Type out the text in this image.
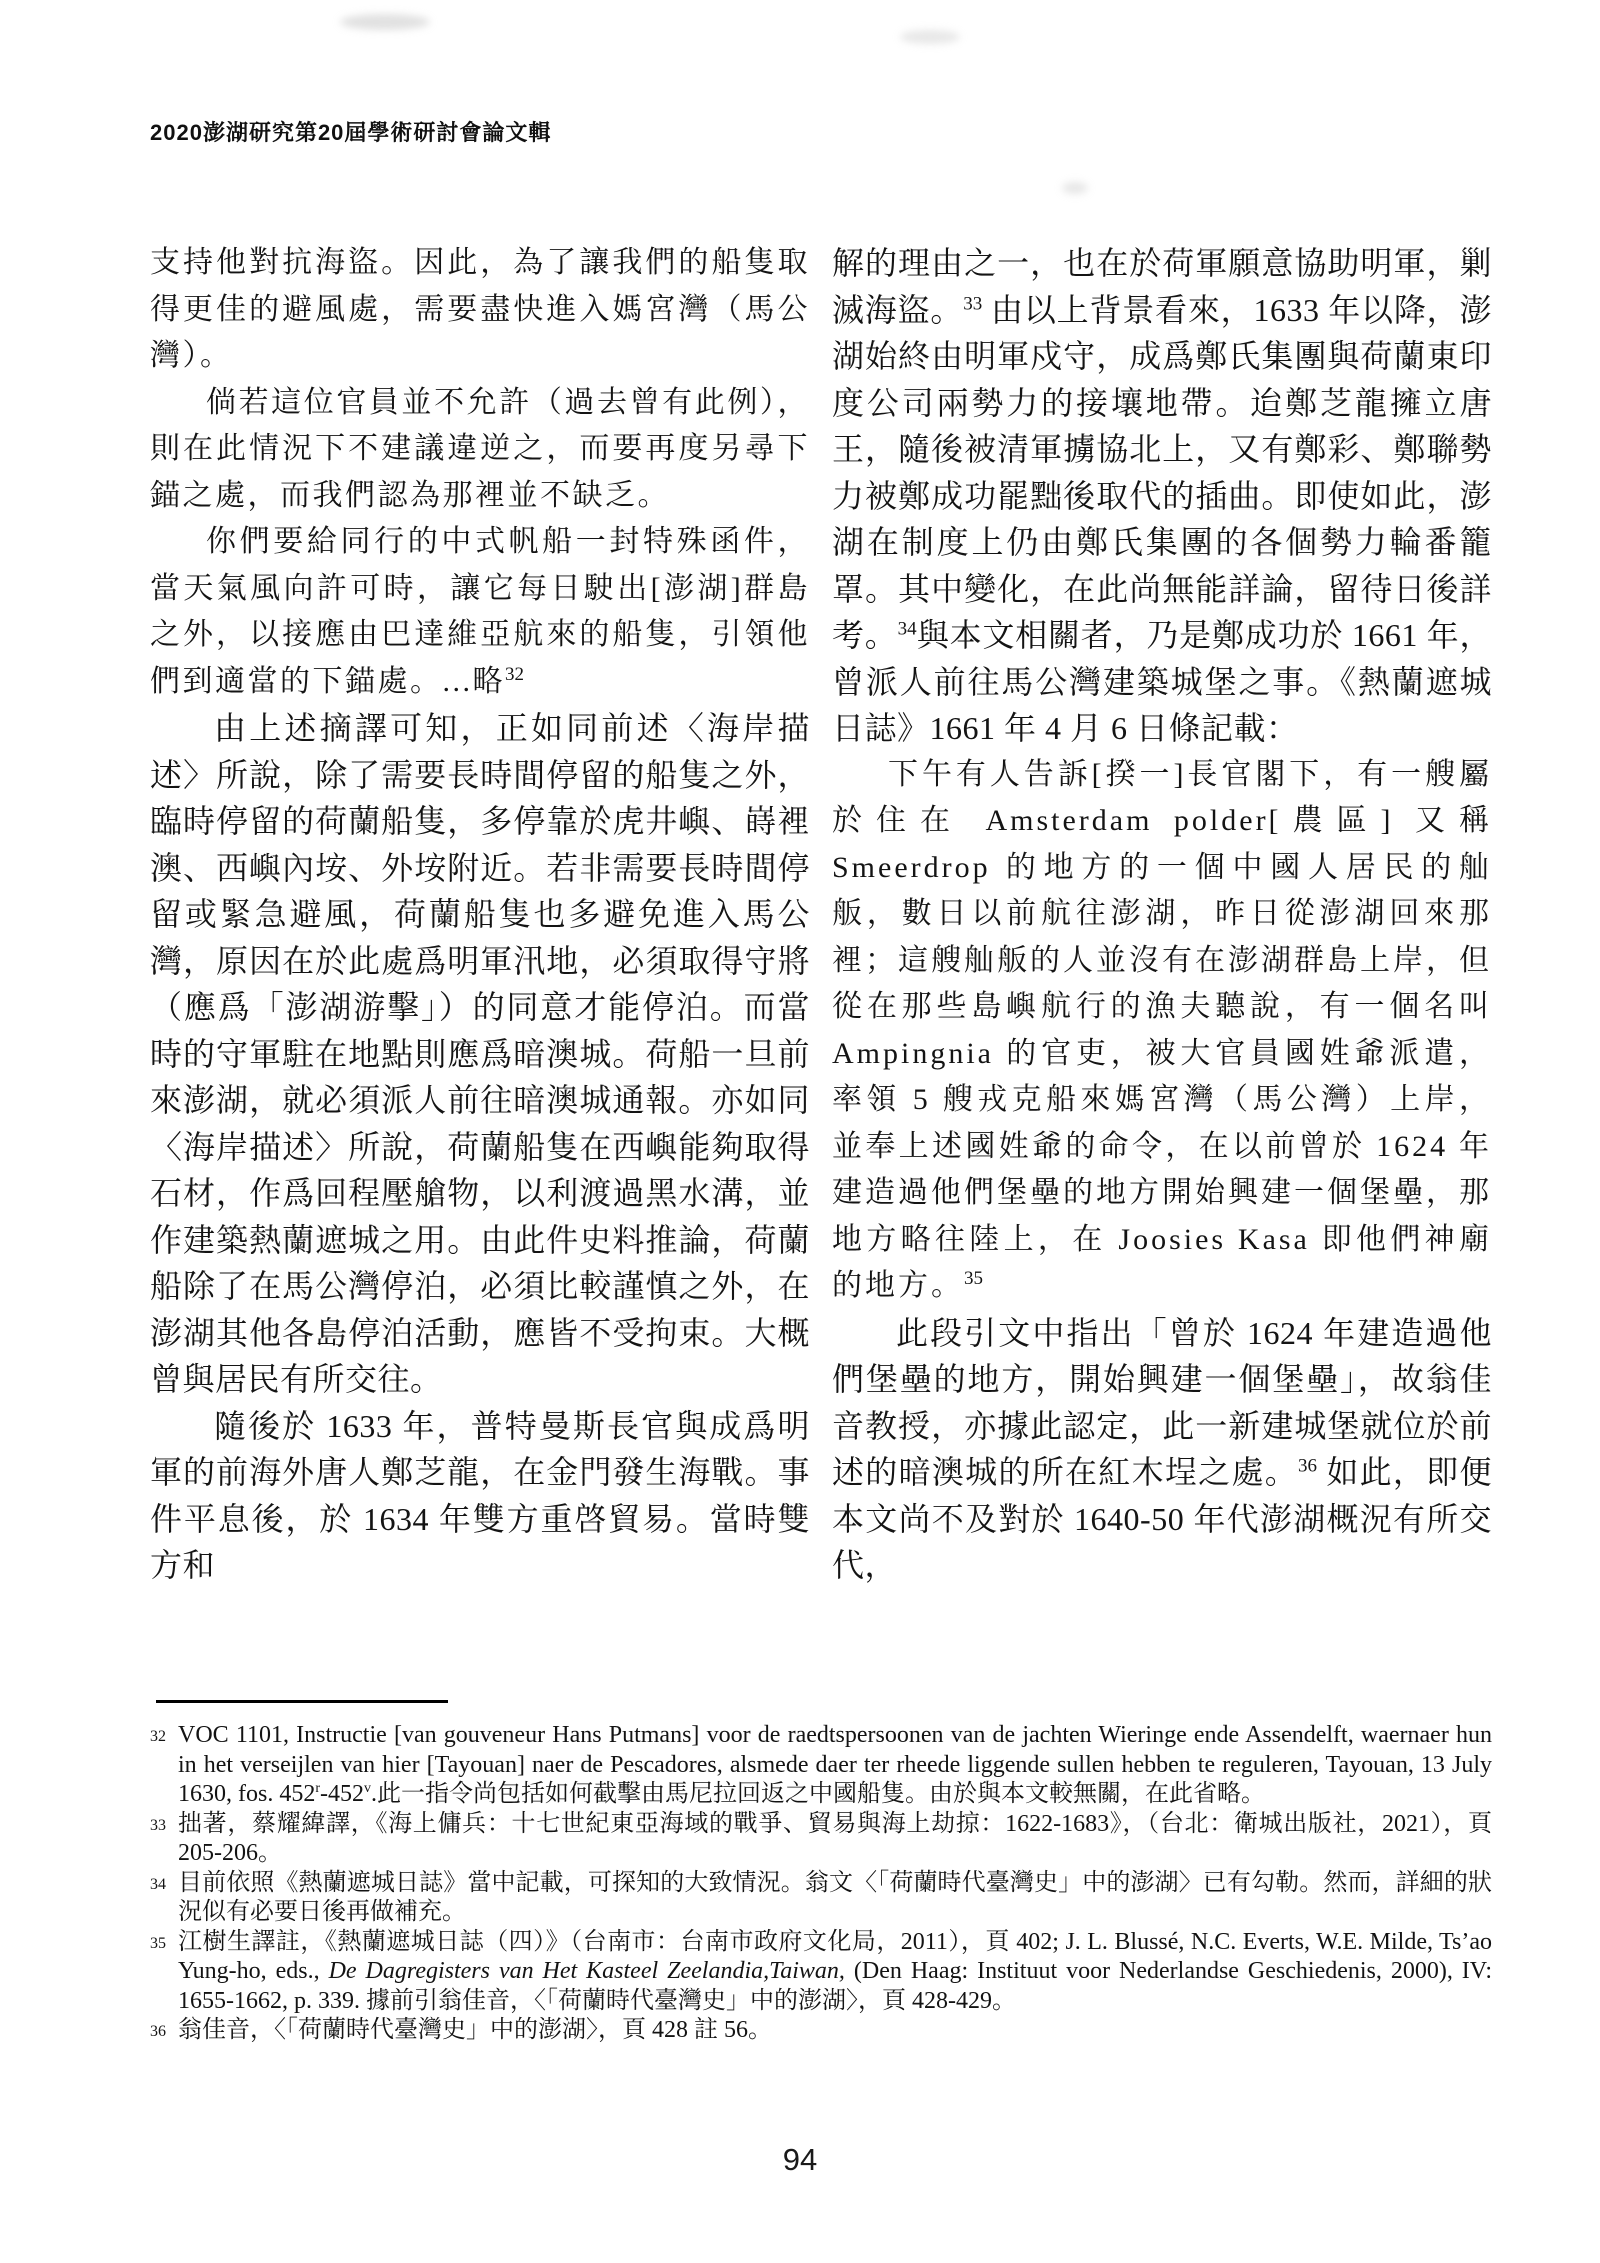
2020澎湖研究第20屆學術研討會論文輯

支持他對抗海盜。因此，為了讓我們的船隻取得更佳的避風處，需要盡快進入媽宮灣（馬公灣）。

倘若這位官員並不允許（過去曾有此例），則在此情況下不建議違逆之，而要再度另尋下錨之處，而我們認為那裡並不缺乏。

你們要給同行的中式帆船一封特殊函件，當天氣風向許可時，讓它每日駛出[澎湖]群島之外，以接應由巴達維亞航來的船隻，引領他們到適當的下錨處。...略$^{32}$

由上述摘譯可知，正如同前述〈海岸描述〉所說，除了需要長時間停留的船隻之外，臨時停留的荷蘭船隻，多停靠於虎井嶼、嵵裡澳、西嶼內垵、外垵附近。若非需要長時間停留或緊急避風，荷蘭船隻也多避免進入馬公灣，原因在於此處爲明軍汛地，必須取得守將（應爲「澎湖游擊」）的同意才能停泊。而當時的守軍駐在地點則應爲暗澳城。荷船一旦前來澎湖，就必須派人前往暗澳城通報。亦如同〈海岸描述〉所說，荷蘭船隻在西嶼能夠取得石材，作爲回程壓艙物，以利渡過黑水溝，並作建築熱蘭遮城之用。由此件史料推論，荷蘭船除了在馬公灣停泊，必須比較謹慎之外，在澎湖其他各島停泊活動，應皆不受拘束。大概曾與居民有所交往。

隨後於 1633 年，普特曼斯長官與成爲明軍的前海外唐人鄭芝龍，在金門發生海戰。事件平息後，於 1634 年雙方重啓貿易。當時雙方和

解的理由之一，也在於荷軍願意協助明軍，剿滅海盜。$^{33}$ 由以上背景看來，1633 年以降，澎湖始終由明軍戍守，成爲鄭氏集團與荷蘭東印度公司兩勢力的接壤地帶。迨鄭芝龍擁立唐王，隨後被清軍擄協北上，又有鄭彩、鄭聯勢力被鄭成功罷黜後取代的插曲。即使如此，澎湖在制度上仍由鄭氏集團的各個勢力輪番籠罩。其中變化，在此尚無能詳論，留待日後詳考。$^{34}$與本文相關者，乃是鄭成功於 1661 年，曾派人前往馬公灣建築城堡之事。《熱蘭遮城日誌》1661 年 4 月 6 日條記載：

下午有人告訴[揆一]長官閣下，有一艘屬於住在 Amsterdam polder[農區] 又稱 Smeerdrop 的地方的一個中國人居民的舢舨，數日以前航往澎湖，昨日從澎湖回來那裡；這艘舢舨的人並沒有在澎湖群島上岸，但從在那些島嶼航行的漁夫聽說，有一個名叫 Ampingnia 的官吏，被大官員國姓爺派遣，率領 5 艘戎克船來媽宮灣（馬公灣）上岸，並奉上述國姓爺的命令，在以前曾於 1624 年建造過他們堡壘的地方開始興建一個堡壘，那地方略往陸上，在 Joosies Kasa 即他們神廟的地方。$^{35}$

此段引文中指出「曾於 1624 年建造過他們堡壘的地方，開始興建一個堡壘」，故翁佳音教授，亦據此認定，此一新建城堡就位於前述的暗澳城的所在紅木埕之處。$^{36}$ 如此，即便本文尚不及對於 1640-50 年代澎湖概況有所交代，

32 VOC 1101, Instructie [van gouveneur Hans Putmans] voor de raedtspersoonen van de jachten Wieringe ende Assendelft, waernaer hun in het verseijlen van hier [Tayouan] naer de Pescadores, alsmede daer ter rheede liggende sullen hebben te reguleren, Tayouan, 13 July 1630, fos. 452$^r$-452$^v$.此一指令尚包括如何截擊由馬尼拉回返之中國船隻。由於與本文較無關，在此省略。
33 拙著，蔡耀緯譯，《海上傭兵：十七世紀東亞海域的戰爭、貿易與海上劫掠：1622-1683》，（台北：衛城出版社，2021），頁 205-206。
34 目前依照《熱蘭遮城日誌》當中記載，可探知的大致情況。翁文〈「荷蘭時代臺灣史」中的澎湖〉已有勾勒。然而，詳細的狀況似有必要日後再做補充。
35 江樹生譯註，《熱蘭遮城日誌（四）》（台南市：台南市政府文化局，2011），頁 402; J. L. Blussé, N.C. Everts, W.E. Milde, Ts’ao Yung-ho, eds., De Dagregisters van Het Kasteel Zeelandia,Taiwan, (Den Haag: Instituut voor Nederlandse Geschiedenis, 2000), IV: 1655-1662, p. 339. 據前引翁佳音，〈「荷蘭時代臺灣史」中的澎湖〉，頁 428-429。
36 翁佳音，〈「荷蘭時代臺灣史」中的澎湖〉，頁 428 註 56。
94
